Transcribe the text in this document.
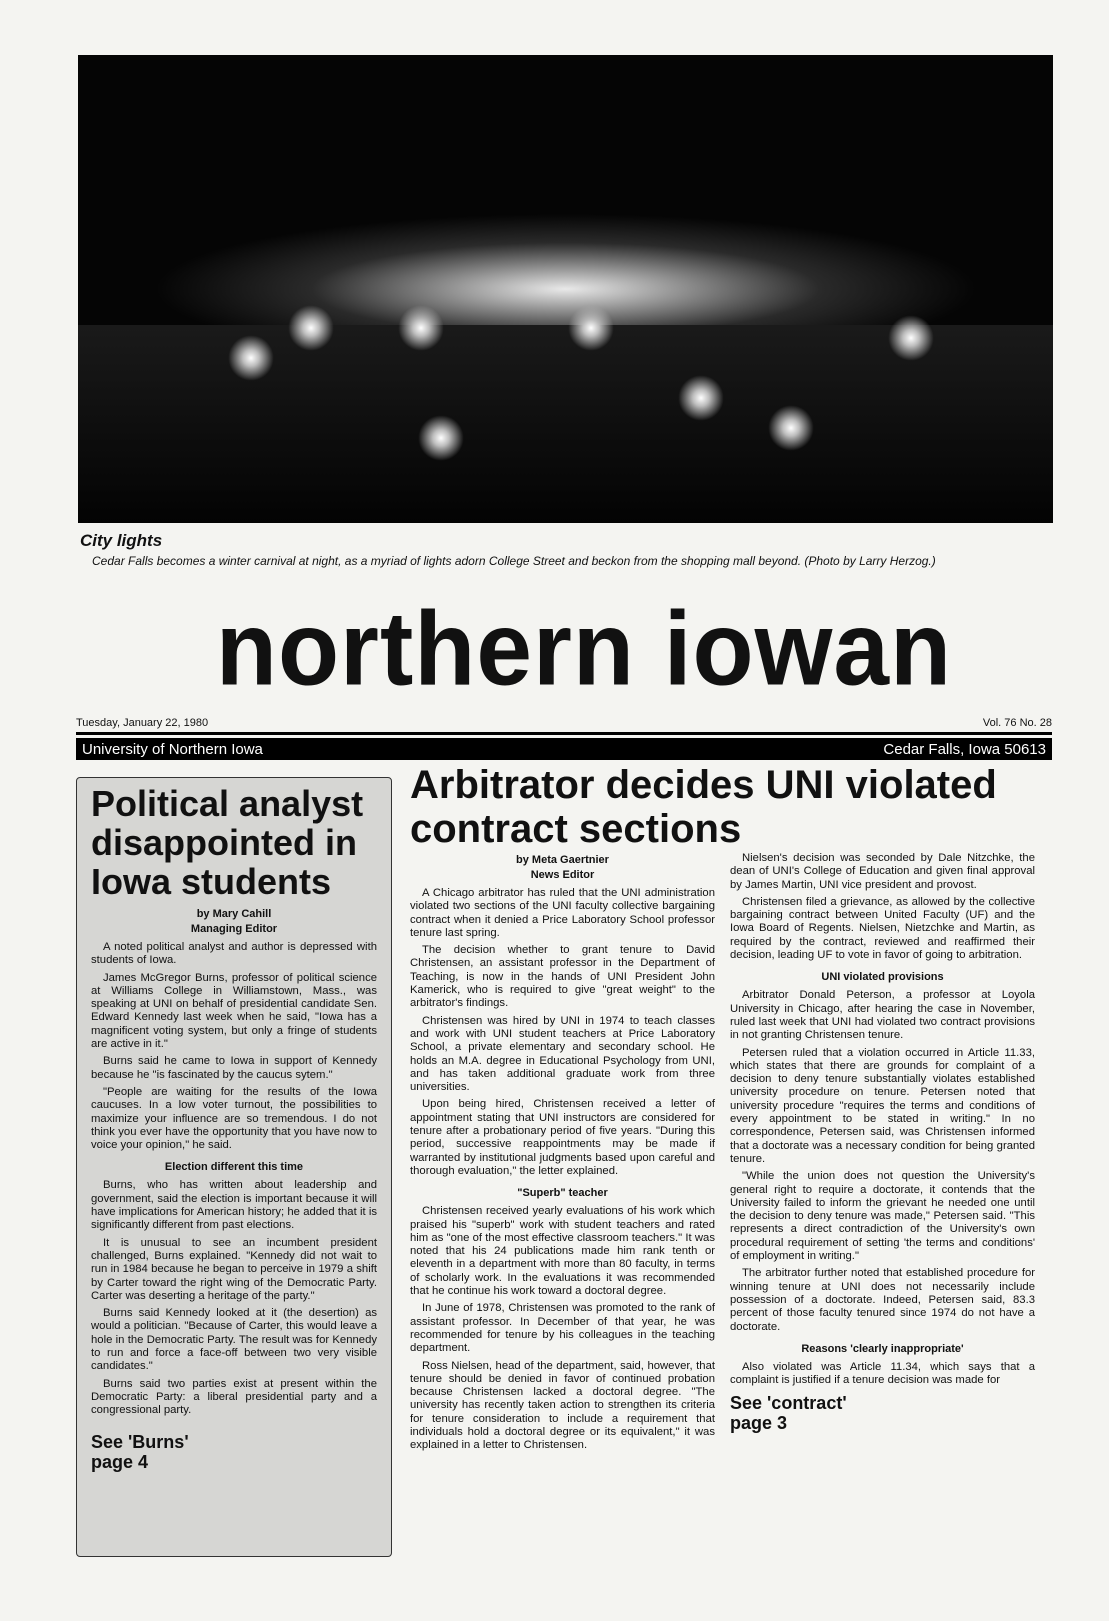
City lights
Cedar Falls becomes a winter carnival at night, as a myriad of lights adorn College Street and beckon from the shopping mall beyond. (Photo by Larry Herzog.)
northern iowan
Tuesday, January 22, 1980	Vol. 76 No. 28
University of Northern Iowa	Cedar Falls, Iowa 50613
Political analyst disappointed in Iowa students
by Mary Cahill
Managing Editor

A noted political analyst and author is depressed with students of Iowa.

James McGregor Burns, professor of political science at Williams College in Williamstown, Mass., was speaking at UNI on behalf of presidential candidate Sen. Edward Kennedy last week when he said, "Iowa has a magnificent voting system, but only a fringe of students are active in it."

Burns said he came to Iowa in support of Kennedy because he "is fascinated by the caucus sytem."

"People are waiting for the results of the Iowa caucuses. In a low voter turnout, the possibilities to maximize your influence are so tremendous. I do not think you ever have the opportunity that you have now to voice your opinion," he said.

Election different this time

Burns, who has written about leadership and government, said the election is important because it will have implications for American history; he added that it is significantly different from past elections.

It is unusual to see an incumbent president challenged, Burns explained. "Kennedy did not wait to run in 1984 because he began to perceive in 1979 a shift by Carter toward the right wing of the Democratic Party. Carter was deserting a heritage of the party."

Burns said Kennedy looked at it (the desertion) as would a politician. "Because of Carter, this would leave a hole in the Democratic Party. The result was for Kennedy to run and force a face-off between two very visible candidates."

Burns said two parties exist at present within the Democratic Party: a liberal presidential party and a congressional party.

See 'Burns'
page 4
Arbitrator decides UNI violated contract sections
by Meta Gaertnier
News Editor

A Chicago arbitrator has ruled that the UNI administration violated two sections of the UNI faculty collective bargaining contract when it denied a Price Laboratory School professor tenure last spring.

The decision whether to grant tenure to David Christensen, an assistant professor in the Department of Teaching, is now in the hands of UNI President John Kamerick, who is required to give "great weight" to the arbitrator's findings.

Christensen was hired by UNI in 1974 to teach classes and work with UNI student teachers at Price Laboratory School, a private elementary and secondary school. He holds an M.A. degree in Educational Psychology from UNI, and has taken additional graduate work from three universities.

Upon being hired, Christensen received a letter of appointment stating that UNI instructors are considered for tenure after a probationary period of five years. "During this period, successive reappointments may be made if warranted by institutional judgments based upon careful and thorough evaluation," the letter explained.

"Superb" teacher

Christensen received yearly evaluations of his work which praised his "superb" work with student teachers and rated him as "one of the most effective classroom teachers." It was noted that his 24 publications made him rank tenth or eleventh in a department with more than 80 faculty, in terms of scholarly work. In the evaluations it was recommended that he continue his work toward a doctoral degree.

In June of 1978, Christensen was promoted to the rank of assistant professor. In December of that year, he was recommended for tenure by his colleagues in the teaching department.

Ross Nielsen, head of the department, said, however, that tenure should be denied in favor of continued probation because Christensen lacked a doctoral degree. "The university has recently taken action to strengthen its criteria for tenure consideration to include a requirement that individuals hold a doctoral degree or its equivalent," it was explained in a letter to Christensen.

Nielsen's decision was seconded by Dale Nitzchke, the dean of UNI's College of Education and given final approval by James Martin, UNI vice president and provost.

Christensen filed a grievance, as allowed by the collective bargaining contract between United Faculty (UF) and the Iowa Board of Regents. Nielsen, Nietzchke and Martin, as required by the contract, reviewed and reaffirmed their decision, leading UF to vote in favor of going to arbitration.

UNI violated provisions

Arbitrator Donald Peterson, a professor at Loyola University in Chicago, after hearing the case in November, ruled last week that UNI had violated two contract provisions in not granting Christensen tenure.

Petersen ruled that a violation occurred in Article 11.33, which states that there are grounds for complaint of a decision to deny tenure substantially violates established university procedure on tenure. Petersen noted that university procedure "requires the terms and conditions of every appointment to be stated in writing." In no correspondence, Petersen said, was Christensen informed that a doctorate was a necessary condition for being granted tenure.

"While the union does not question the University's general right to require a doctorate, it contends that the University failed to inform the grievant he needed one until the decision to deny tenure was made," Petersen said. "This represents a direct contradiction of the University's own procedural requirement of setting 'the terms and conditions' of employment in writing."

The arbitrator further noted that established procedure for winning tenure at UNI does not necessarily include possession of a doctorate. Indeed, Petersen said, 83.3 percent of those faculty tenured since 1974 do not have a doctorate.

Reasons 'clearly inappropriate'

Also violated was Article 11.34, which says that a complaint is justified if a tenure decision was made for

See 'contract'
page 3
